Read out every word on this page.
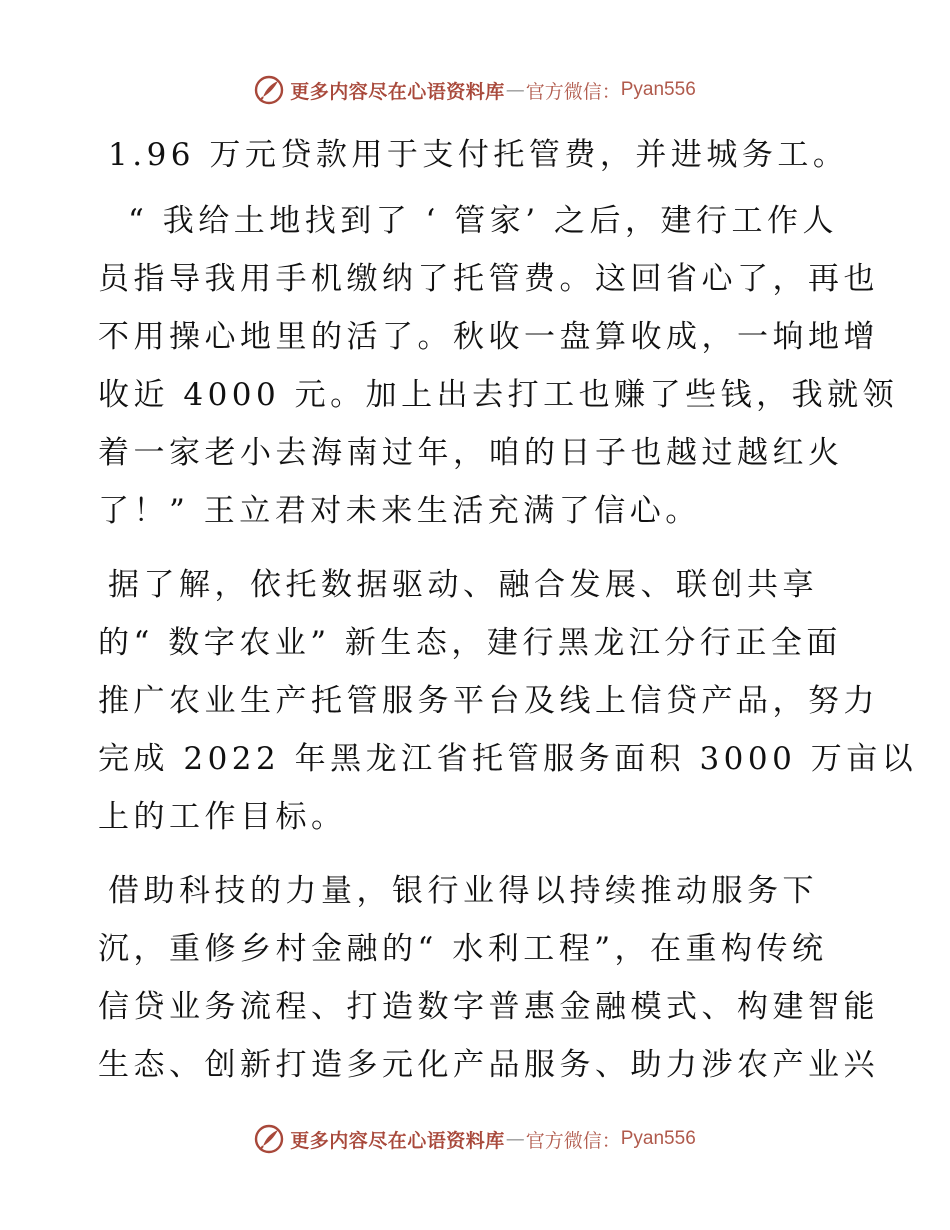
更多内容尽在心语资料库 — 官方微信： Pyan556
1.96 万元贷款用于支付托管费，并进城务工。
“ 我给土地找到了 ‘ 管家’ 之后，建行工作人
员指导我用手机缴纳了托管费。这回省心了，再也
不用操心地里的活了。秋收一盘算收成，一垧地增
收近 4000 元。加上出去打工也赚了些钱，我就领
着一家老小去海南过年，咱的日子也越过越红火
了！” 王立君对未来生活充满了信心。
据了解，依托数据驱动、融合发展、联创共享
的“ 数字农业” 新生态，建行黑龙江分行正全面
推广农业生产托管服务平台及线上信贷产品，努力
完成 2022 年黑龙江省托管服务面积 3000 万亩以
上的工作目标。
借助科技的力量，银行业得以持续推动服务下
沉，重修乡村金融的“ 水利工程”，在重构传统
信贷业务流程、打造数字普惠金融模式、构建智能
生态、创新打造多元化产品服务、助力涉农产业兴
更多内容尽在心语资料库 — 官方微信： Pyan556
